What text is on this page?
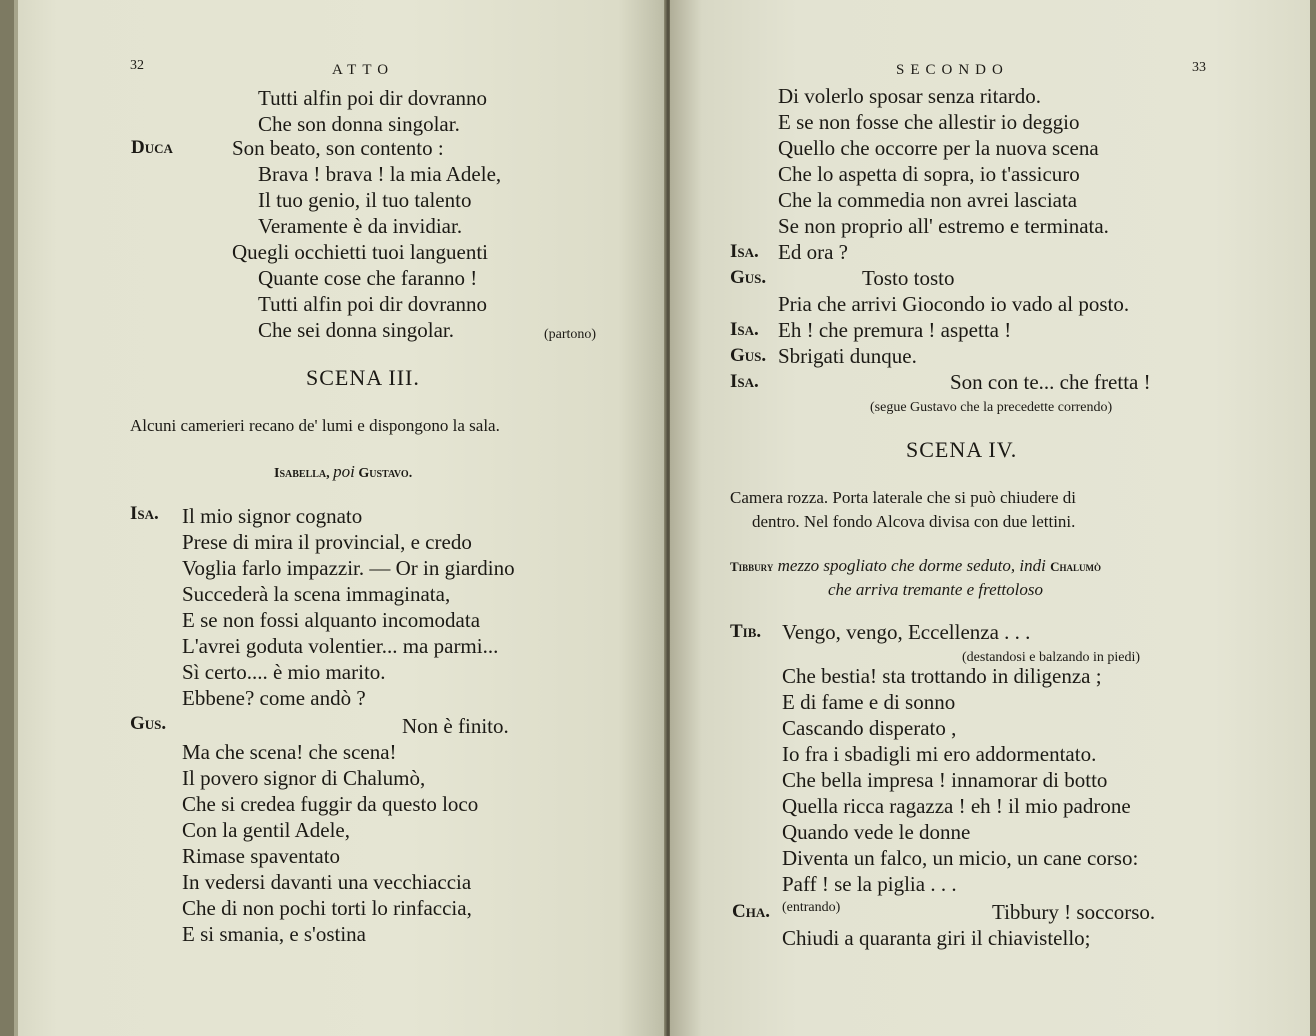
32	ATTO
Tutti alfin poi dir dovranno
Che son donna singolar.
Duca	Son beato, son contento :
Brava ! brava ! la mia Adele,
Il tuo genio, il tuo talento
Veramente è da invidiar.
Quegli occhietti tuoi languenti
Quante cose che faranno !
Tutti alfin poi dir dovranno
Che sei donna singolar.	(partono)
SCENA III.
Alcuni camerieri recano de' lumi e dispongono la sala.
Isabella, poi Gustavo.
Isa. Il mio signor cognato
Prese di mira il provincial, e credo
Voglia farlo impazzir. — Or in giardino
Succederà la scena immaginata,
E se non fossi alquanto incomodata
L'avrei goduta volentier... ma parmi...
Sì certo.... è mio marito.
Ebbene? come andò ?
Gus.	Non è finito.
Ma che scena! che scena!
Il povero signor di Chalumò,
Che si credea fuggir da questo loco
Con la gentil Adele,
Rimase spaventato
In vedersi davanti una vecchiaccia
Che di non pochi torti lo rinfaccia,
E si smania, e s'ostina
SECONDO	33
Di volerlo sposar senza ritardo.
E se non fosse che allestir io deggio
Quello che occorre per la nuova scena
Che lo aspetta di sopra, io t'assicuro
Che la commedia non avrei lasciata
Se non proprio all' estremo e terminata.
Isa. Ed ora ?
Gus.	Tosto tosto
Pria che arrivi Giocondo io vado al posto.
Isa. Eh ! che premura ! aspetta !
Gus. Sbrigati dunque.
Isa.	Son con te... che fretta !
(segue Gustavo che la precedette correndo)
SCENA IV.
Camera rozza. Porta laterale che si può chiudere di
dentro. Nel fondo Alcova divisa con due lettini.
Tibbury mezzo spogliato che dorme seduto, indi Chalumò
che arriva tremante e frettoloso
Tib. Vengo, vengo, Eccellenza . . .
(destandosi e balzando in piedi)
Che bestia! sta trottando in diligenza ;
E di fame e di sonno
Cascando disperato ,
Io fra i sbadigli mi ero addormentato.
Che bella impresa ! innamorar di botto
Quella ricca ragazza ! eh ! il mio padrone
Quando vede le donne
Diventa un falco, un micio, un cane corso:
Paff ! se la piglia . . .
Cha. (entrando)	Tibbury ! soccorso.
Chiudi a quaranta giri il chiavistello;
